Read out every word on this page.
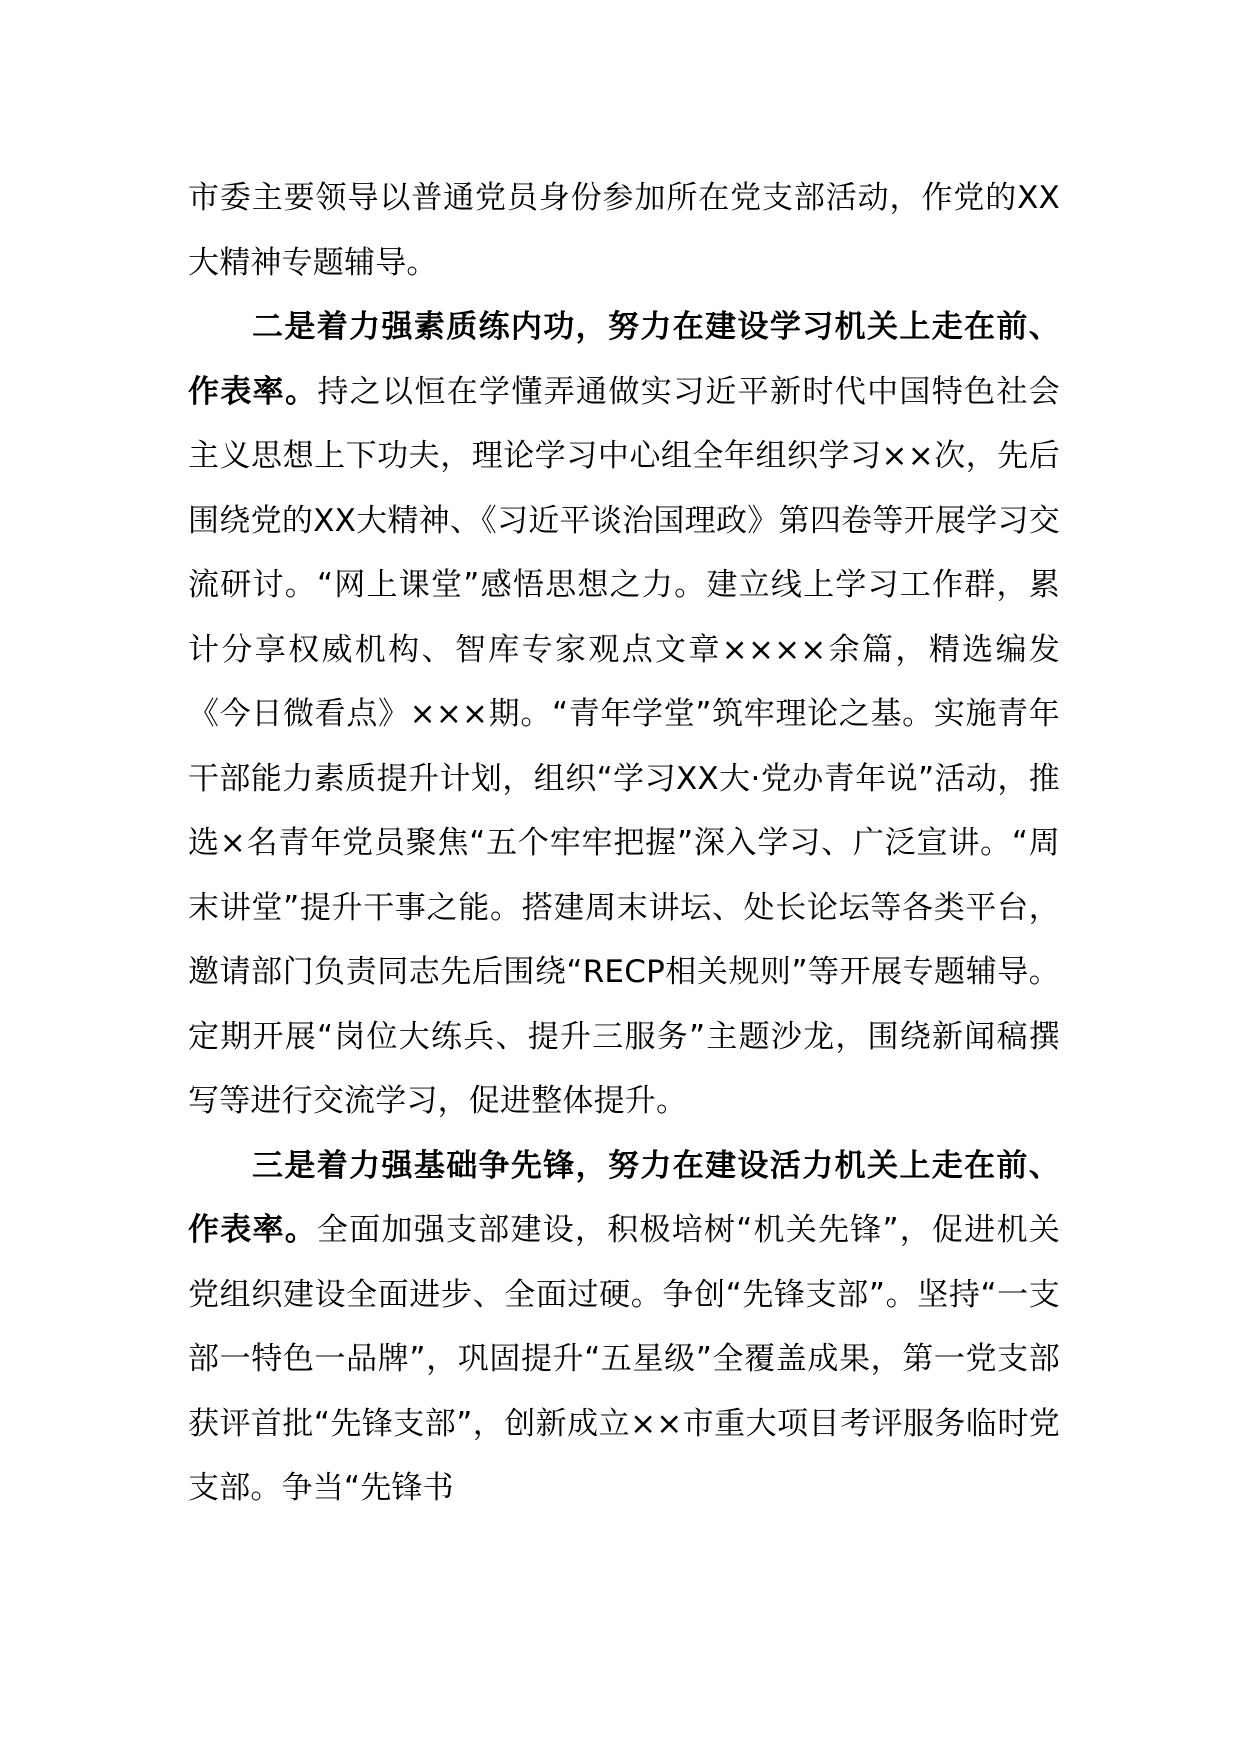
市委主要领导以普通党员身份参加所在党支部活动，作党的XX大精神专题辅导。

二是着力强素质练内功，努力在建设学习机关上走在前、作表率。持之以恒在学懂弄通做实习近平新时代中国特色社会主义思想上下功夫，理论学习中心组全年组织学习××次，先后围绕党的XX大精神、《习近平谈治国理政》第四卷等开展学习交流研讨。“网上课堂”感悟思想之力。建立线上学习工作群，累计分享权威机构、智库专家观点文章××××余篇，精选编发《今日微看点》×××期。“青年学堂”筑牢理论之基。实施青年干部能力素质提升计划，组织“学习XX大·党办青年说”活动，推选×名青年党员聚焦“五个牢牢把握”深入学习、广泛宣讲。“周末讲堂”提升干事之能。搭建周末讲坛、处长论坛等各类平台，邀请部门负责同志先后围绕“RECP相关规则”等开展专题辅导。定期开展“岗位大练兵、提升三服务”主题沙龙，围绕新闻稿撰写等进行交流学习，促进整体提升。

三是着力强基础争先锋，努力在建设活力机关上走在前、作表率。全面加强支部建设，积极培树“机关先锋”，促进机关党组织建设全面进步、全面过硬。争创“先锋支部”。坚持“一支部一特色一品牌”，巩固提升“五星级”全覆盖成果，第一党支部获评首批“先锋支部”，创新成立××市重大项目考评服务临时党支部。争当“先锋书
